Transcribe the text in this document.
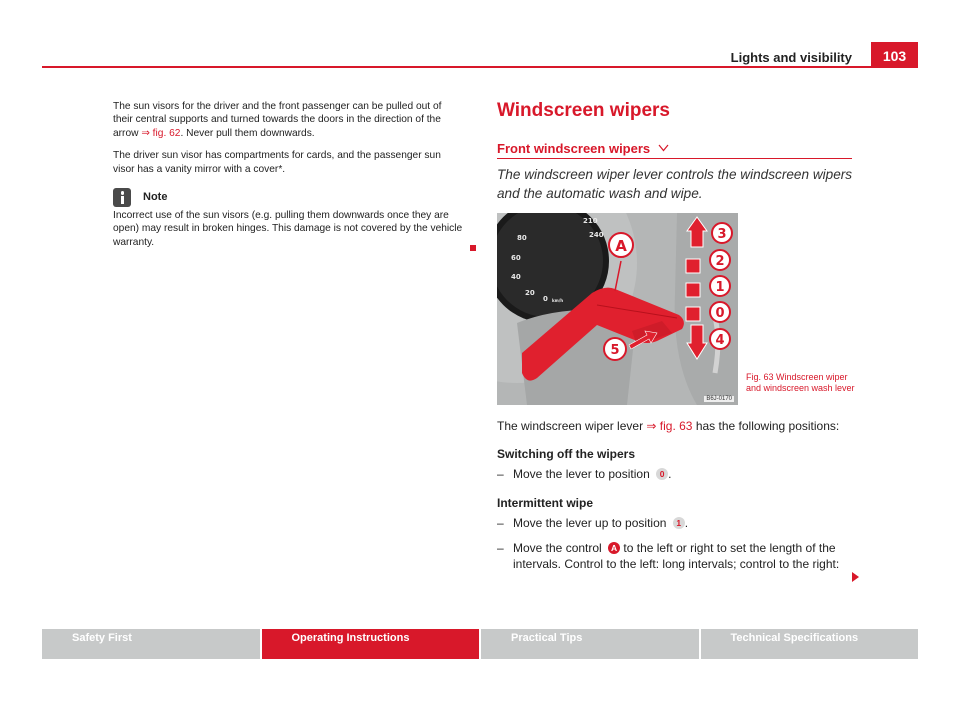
Lights and visibility	103

The sun visors for the driver and the front passenger can be pulled out of their central supports and turned towards the doors in the direction of the arrow ⇒ fig. 62. Never pull them downwards.

The driver sun visor has compartments for cards, and the passenger sun visor has a vanity mirror with a cover*.

Note

Incorrect use of the sun visors (e.g. pulling them downwards once they are open) may result in broken hinges. This damage is not covered by the vehicle warranty.

Windscreen wipers
Front windscreen wipers
The windscreen wiper lever controls the windscreen wipers and the automatic wash and wipe.
80
60
40
20
0
210
240
km/h
A
5
3
2
1
0
4
B6J-0170
Fig. 63 Windscreen wiper and windscreen wash lever
The windscreen wiper lever ⇒ fig. 63 has the following positions:
Switching off the wipers
– Move the lever to position 0 .
Intermittent wipe
– Move the lever up to position 1 .
– Move the control A to the left or right to set the length of the
intervals. Control to the left: long intervals; control to the right:
Safety First	Operating Instructions	Practical Tips	Technical Specifications
